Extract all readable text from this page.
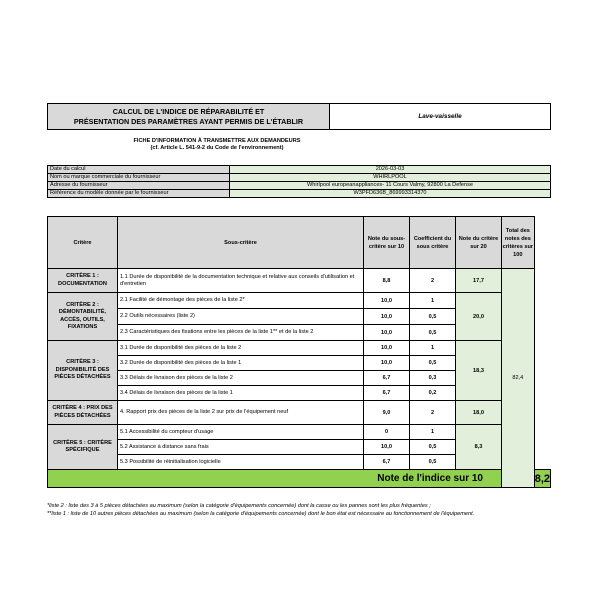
CALCUL DE L'INDICE DE RÉPARABILITÉ ET
PRÉSENTATION DES PARAMÈTRES AYANT PERMIS DE L'ÉTABLIR	Lave-vaisselle
FICHE D'INFORMATION À TRANSMETTRE AUX DEMANDEURS
(cf. Article L. 541-9-2 du Code de l'environnement)
Date du calcul	2026-03-03
Nom ou marque commerciale du fournisseur	WHIRLPOOL
Adresse du fournisseur	Whirlpool europeanappliances- 11 Cours Valmy, 92800 La Defense
Référence du modèle donnée par le fournisseur	W3PFD636B_869993314370
Critère	Sous-critère	Note du sous-critère sur 10	Coefficient du sous critère	Note du critère sur 20	Total des notes des critères sur 100	
CRITÈRE 1 : DOCUMENTATION	1.1 Durée de disponibilité de la documentation technique et relative aux conseils d'utilisation et d'entretien	8,8	2	17,7	82,4	
CRITÈRE 2 : DÉMONTABILITÉ, ACCÈS, OUTILS, FIXATIONS	2.1 Facilité de démontage des pièces de la liste 2*	10,0	1	20,0		
	2.2 Outils nécessaires (liste 2)	10,0	0,5			
	2.3 Caractéristiques des fixations entre les pièces de la liste 1** et de la liste 2	10,0	0,5			
CRITÈRE 3 : DISPONIBILITÉ DES PIÈCES DÉTACHÉES	3.1 Durée de disponibilité des pièces de la liste 2	10,0	1	18,3		
	3.2 Durée de disponibilité des pièces de la liste 1	10,0	0,5			
	3.3 Délais de livraison des pièces de la liste 2	6,7	0,3			
	3.4 Délais de livraison des pièces de la liste 1	6,7	0,2			
CRITÈRE 4 : PRIX DES PIÈCES DÉTACHÉES	4. Rapport prix des pièces de la liste 2 sur prix de l'équipement neuf	9,0	2	18,0		
CRITÈRE 5 : CRITÈRE SPÉCIFIQUE	5.1 Accessibilité du compteur d'usage	0	1	8,3		
	5.2 Assistance à distance sans frais	10,0	0,5			
	5.3 Possibilité de réinitialisation logicielle	6,7	0,5			
Note de l'indice sur 10						8,2
*liste 2 : liste des 3 à 5 pièces détachées au maximum (selon la catégorie d'équipements concernée) dont la casse ou les pannes sont les plus fréquentes ;
**liste 1 : liste de 10 autres pièces détachées au maximum (selon la catégorie d'équipements concernée) dont le bon état est nécessaire au fonctionnement de l'équipement.
